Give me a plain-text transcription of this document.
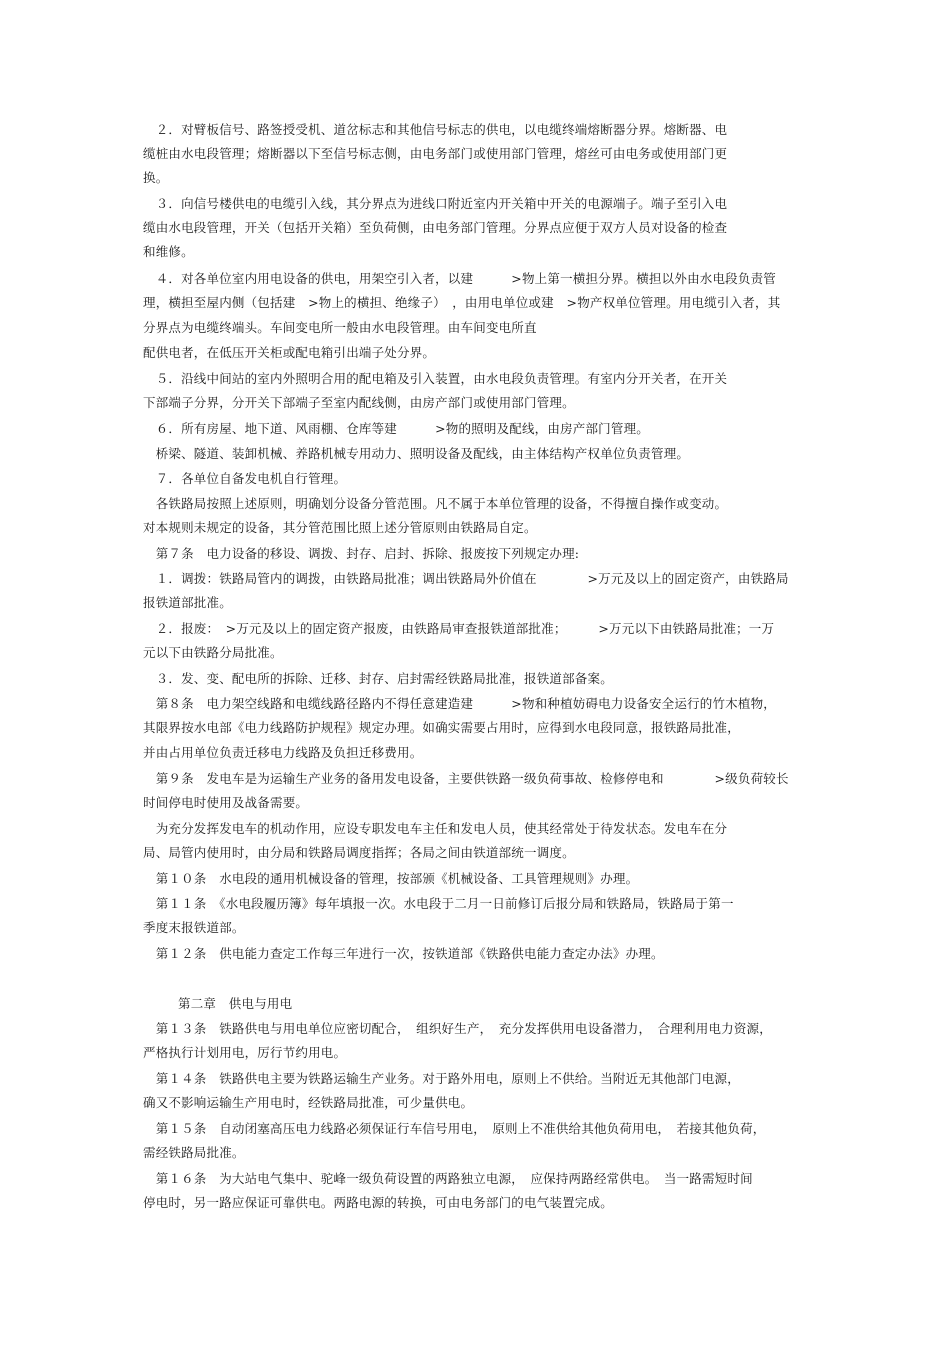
　２．对臂板信号、路签授受机、道岔标志和其他信号标志的供电，以电缆终端熔断器分界。熔断器、电
缆桩由水电段管理；熔断器以下至信号标志侧，由电务部门或使用部门管理，熔丝可由电务或使用部门更
换。
　３．向信号楼供电的电缆引入线，其分界点为进线口附近室内开关箱中开关的电源端子。端子至引入电
缆由水电段管理，开关（包括开关箱）至负荷侧，由电务部门管理。分界点应便于双方人员对设备的检查
和维修。
　４．对各单位室内用电设备的供电，用架空引入者，以建　　　>物上第一横担分界。横担以外由水电段负责管
理，横担至屋内侧（包括建　>物上的横担、绝缘子）　，由用电单位或建　>物产权单位管理。用电缆引入者，其
分界点为电缆终端头。车间变电所一般由水电段管理。由车间变电所直
配供电者，在低压开关柜或配电箱引出端子处分界。
　５．沿线中间站的室内外照明合用的配电箱及引入装置，由水电段负责管理。有室内分开关者，在开关
下部端子分界，分开关下部端子至室内配线侧，由房产部门或使用部门管理。
　６．所有房屋、地下道、风雨棚、仓库等建　　　>物的照明及配线，由房产部门管理。
　桥梁、隧道、装卸机械、养路机械专用动力、照明设备及配线，由主体结构产权单位负责管理。
　７．各单位自备发电机自行管理。
　各铁路局按照上述原则，明确划分设备分管范围。凡不属于本单位管理的设备，不得擅自操作或变动。
对本规则未规定的设备，其分管范围比照上述分管原则由铁路局自定。
　第７条　电力设备的移设、调拨、封存、启封、拆除、报废按下列规定办理:
　１．调拨：铁路局管内的调拨，由铁路局批准；调出铁路局外价值在　　　　>万元及以上的固定资产，由铁路局
报铁道部批准。
　２．报废：　>万元及以上的固定资产报废，由铁路局审查报铁道部批准；　　　>万元以下由铁路局批准；一万
元以下由铁路分局批准。
　３．发、变、配电所的拆除、迁移、封存、启封需经铁路局批准，报铁道部备案。
　第８条　电力架空线路和电缆线路径路内不得任意建造建　　　>物和种植妨碍电力设备安全运行的竹木植物，
其限界按水电部《电力线路防护规程》规定办理。如确实需要占用时，应得到水电段同意，报铁路局批准，
并由占用单位负责迁移电力线路及负担迁移费用。
　第９条　发电车是为运输生产业务的备用发电设备，主要供铁路一级负荷事故、检修停电和　　　　>级负荷较长
时间停电时使用及战备需要。
　为充分发挥发电车的机动作用，应设专职发电车主任和发电人员，使其经常处于待发状态。发电车在分
局、局管内使用时，由分局和铁路局调度指挥；各局之间由铁道部统一调度。
　第１０条　水电段的通用机械设备的管理，按部颁《机械设备、工具管理规则》办理。
　第１１条　《水电段履历簿》每年填报一次。水电段于二月一日前修订后报分局和铁路局，铁路局于第一
季度末报铁道部。
　第１２条　供电能力查定工作每三年进行一次，按铁道部《铁路供电能力查定办法》办理。
第二章　供电与用电
　第１３条　铁路供电与用电单位应密切配合，　组织好生产，　充分发挥供用电设备潜力，　合理利用电力资源，
严格执行计划用电，厉行节约用电。
　第１４条　铁路供电主要为铁路运输生产业务。对于路外用电，原则上不供给。当附近无其他部门电源，
确又不影响运输生产用电时，经铁路局批准，可少量供电。
　第１５条　自动闭塞高压电力线路必须保证行车信号用电，　原则上不准供给其他负荷用电，　若接其他负荷，
需经铁路局批准。
　第１６条　为大站电气集中、驼峰一级负荷设置的两路独立电源，　应保持两路经常供电。　当一路需短时间
停电时，另一路应保证可靠供电。两路电源的转换，可由电务部门的电气装置完成。
